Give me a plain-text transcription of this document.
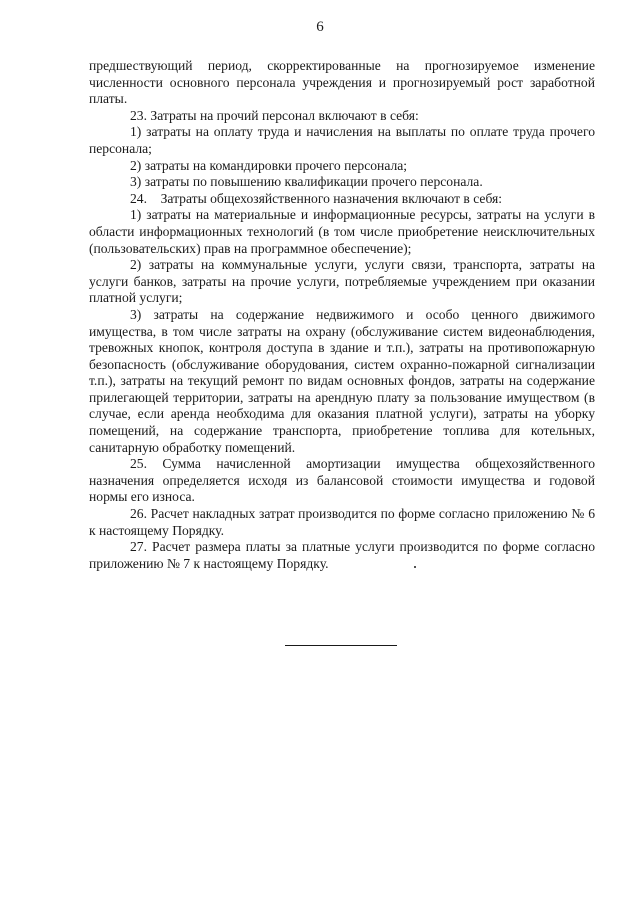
6

предшествующий период, скорректированные на прогнозируемое изменение численности основного персонала учреждения и прогнозируемый рост заработной платы.

23. Затраты на прочий персонал включают в себя:

1) затраты на оплату труда и начисления на выплаты по оплате труда прочего персонала;

2) затраты на командировки прочего персонала;

3) затраты по повышению квалификации прочего персонала.

24.    Затраты общехозяйственного назначения включают в себя:

1) затраты на материальные и информационные ресурсы, затраты на услуги в области информационных технологий (в том числе приобретение неисключительных (пользовательских) прав на программное обеспечение);

2) затраты на коммунальные услуги, услуги связи, транспорта, затраты на услуги банков, затраты на прочие услуги, потребляемые учреждением при оказании платной услуги;

3) затраты на содержание недвижимого и особо ценного движимого имущества, в том числе затраты на охрану (обслуживание систем видеонаблюдения, тревожных кнопок, контроля доступа в здание и т.п.), затраты на противопожарную безопасность (обслуживание оборудования, систем охранно-пожарной сигнализации т.п.), затраты на текущий ремонт по видам основных фондов, затраты на содержание прилегающей территории, затраты на арендную плату за пользование имуществом (в случае, если аренда необходима для оказания платной услуги), затраты на уборку помещений, на содержание транспорта, приобретение топлива для котельных, санитарную обработку помещений.

25. Сумма начисленной амортизации имущества общехозяйственного назначения определяется исходя из балансовой стоимости имущества и годовой нормы его износа.

26. Расчет накладных затрат производится по форме согласно приложению № 6 к настоящему Порядку.

27. Расчет размера платы за платные услуги производится по форме согласно приложению № 7 к настоящему Порядку.
